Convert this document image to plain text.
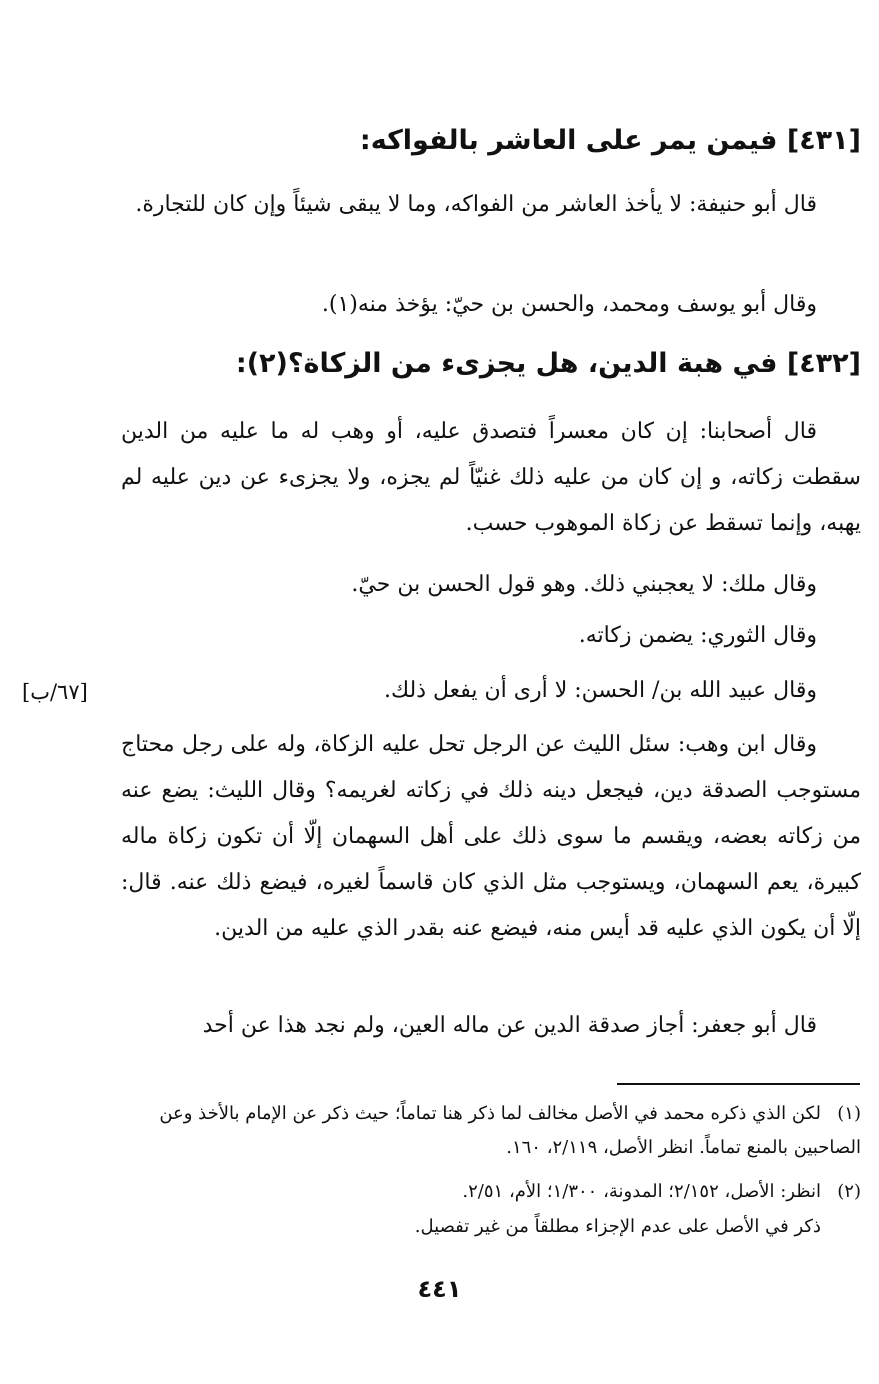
[٤٣١] فيمن يمر على العاشر بالفواكه:
قال أبو حنيفة: لا يأخذ العاشر من الفواكه، وما لا يبقى شيئاً وإن كان للتجارة.
وقال أبو يوسف ومحمد، والحسن بن حيّ: يؤخذ منه(١).
[٤٣٢] في هبة الدين، هل يجزىء من الزكاة؟(٢):
قال أصحابنا: إن كان معسراً فتصدق عليه، أو وهب له ما عليه من الدين سقطت زكاته، و إن كان من عليه ذلك غنيّاً لم يجزه، ولا يجزىء عن دين عليه لم يهبه، وإنما تسقط عن زكاة الموهوب حسب.
وقال ملك: لا يعجبني ذلك. وهو قول الحسن بن حيّ.
وقال الثوري: يضمن زكاته.
وقال عبيد الله بن/ الحسن: لا أرى أن يفعل ذلك.
[٦٧/ب]
وقال ابن وهب: سئل الليث عن الرجل تحل عليه الزكاة، وله على رجل محتاج مستوجب الصدقة دين، فيجعل دينه ذلك في زكاته لغريمه؟ وقال الليث: يضع عنه من زكاته بعضه، ويقسم ما سوى ذلك على أهل السهمان إلّا أن تكون زكاة ماله كبيرة، يعم السهمان، ويستوجب مثل الذي كان قاسماً لغيره، فيضع ذلك عنه. قال: إلّا أن يكون الذي عليه قد أيس منه، فيضع عنه بقدر الذي عليه من الدين.
قال أبو جعفر: أجاز صدقة الدين عن ماله العين، ولم نجد هذا عن أحد
(١)لكن الذي ذكره محمد في الأصل مخالف لما ذكر هنا تماماً؛ حيث ذكر عن الإمام بالأخذ وعن الصاحبين بالمنع تماماً. انظر الأصل، ٢/١١٩، ١٦٠.
(٢)انظر: الأصل، ٢/١٥٢؛ المدونة، ١/٣٠٠؛ الأم، ٢/٥١.
ذكر في الأصل على عدم الإجزاء مطلقاً من غير تفصيل.
٤٤١
